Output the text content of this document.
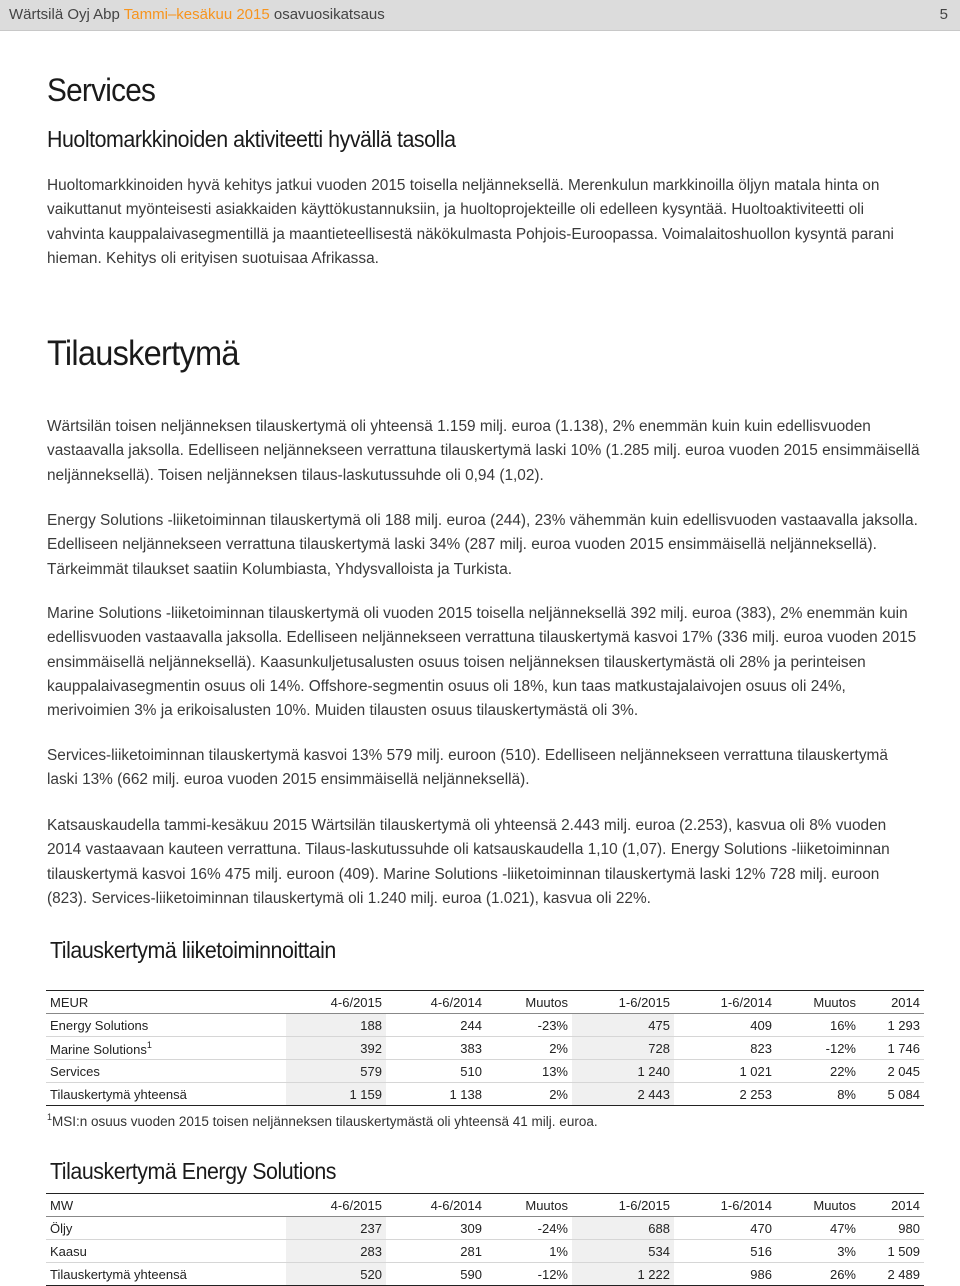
Wärtsilä Oyj Abp Tammi–kesäkuu 2015 osavuosikatsaus	5
Services
Huoltomarkkinoiden aktiviteetti hyvällä tasolla
Huoltomarkkinoiden hyvä kehitys jatkui vuoden 2015 toisella neljänneksellä. Merenkulun markkinoilla öljyn matala hinta on vaikuttanut myönteisesti asiakkaiden käyttökustannuksiin, ja huoltoprojekteille oli edelleen kysyntää. Huoltoaktiviteetti oli vahvinta kauppalaivasegmentillä ja maantieteellisestä näkökulmasta Pohjois-Euroopassa. Voimalaitoshuollon kysyntä parani hieman. Kehitys oli erityisen suotuisaa Afrikassa.
Tilauskertymä
Wärtsilän toisen neljänneksen tilauskertymä oli yhteensä 1.159 milj. euroa (1.138), 2% enemmän kuin kuin edellisvuoden vastaavalla jaksolla. Edelliseen neljännekseen verrattuna tilauskertymä laski 10% (1.285 milj. euroa vuoden 2015 ensimmäisellä neljänneksellä). Toisen neljänneksen tilaus-laskutussuhde oli 0,94 (1,02).
Energy Solutions -liiketoiminnan tilauskertymä oli 188 milj. euroa (244), 23% vähemmän kuin edellisvuoden vastaavalla jaksolla. Edelliseen neljännekseen verrattuna tilauskertymä laski 34% (287 milj. euroa vuoden 2015 ensimmäisellä neljänneksellä). Tärkeimmät tilaukset saatiin Kolumbiasta, Yhdysvalloista ja Turkista.
Marine Solutions -liiketoiminnan tilauskertymä oli vuoden 2015 toisella neljänneksellä 392 milj. euroa (383), 2% enemmän kuin edellisvuoden vastaavalla jaksolla. Edelliseen neljännekseen verrattuna tilauskertymä kasvoi 17% (336 milj. euroa vuoden 2015 ensimmäisellä neljänneksellä). Kaasunkuljetusalusten osuus toisen neljänneksen tilauskertymästä oli 28% ja perinteisen kauppalaivasegmentin osuus oli 14%. Offshore-segmentin osuus oli 18%, kun taas matkustajalaivojen osuus oli 24%, merivoimien 3% ja erikoisalusten 10%. Muiden tilausten osuus tilauskertymästä oli 3%.
Services-liiketoiminnan tilauskertymä kasvoi 13% 579 milj. euroon (510). Edelliseen neljännekseen verrattuna tilauskertymä laski 13% (662 milj. euroa vuoden 2015 ensimmäisellä neljänneksellä).
Katsauskaudella tammi-kesäkuu 2015 Wärtsilän tilauskertymä oli yhteensä 2.443 milj. euroa (2.253), kasvua oli 8% vuoden 2014 vastaavaan kauteen verrattuna. Tilaus-laskutussuhde oli katsauskaudella 1,10 (1,07). Energy Solutions -liiketoiminnan tilauskertymä kasvoi 16% 475 milj. euroon (409). Marine Solutions -liiketoiminnan tilauskertymä laski 12% 728 milj. euroon (823). Services-liiketoiminnan tilauskertymä oli 1.240 milj. euroa (1.021), kasvua oli 22%.
Tilauskertymä liiketoiminnoittain
MEUR	4-6/2015	4-6/2014	Muutos	1-6/2015	1-6/2014	Muutos	2014
Energy Solutions	188	244	-23%	475	409	16%	1 293
Marine Solutions$^1$	392	383	2%	728	823	-12%	1 746
Services	579	510	13%	1 240	1 021	22%	2 045
Tilauskertymä yhteensä	1 159	1 138	2%	2 443	2 253	8%	5 084
$^1$MSI:n osuus vuoden 2015 toisen neljänneksen tilauskertymästä oli yhteensä 41 milj. euroa.
Tilauskertymä Energy Solutions
MW	4-6/2015	4-6/2014	Muutos	1-6/2015	1-6/2014	Muutos	2014
Öljy	237	309	-24%	688	470	47%	980
Kaasu	283	281	1%	534	516	3%	1 509
Tilauskertymä yhteensä	520	590	-12%	1 222	986	26%	2 489
